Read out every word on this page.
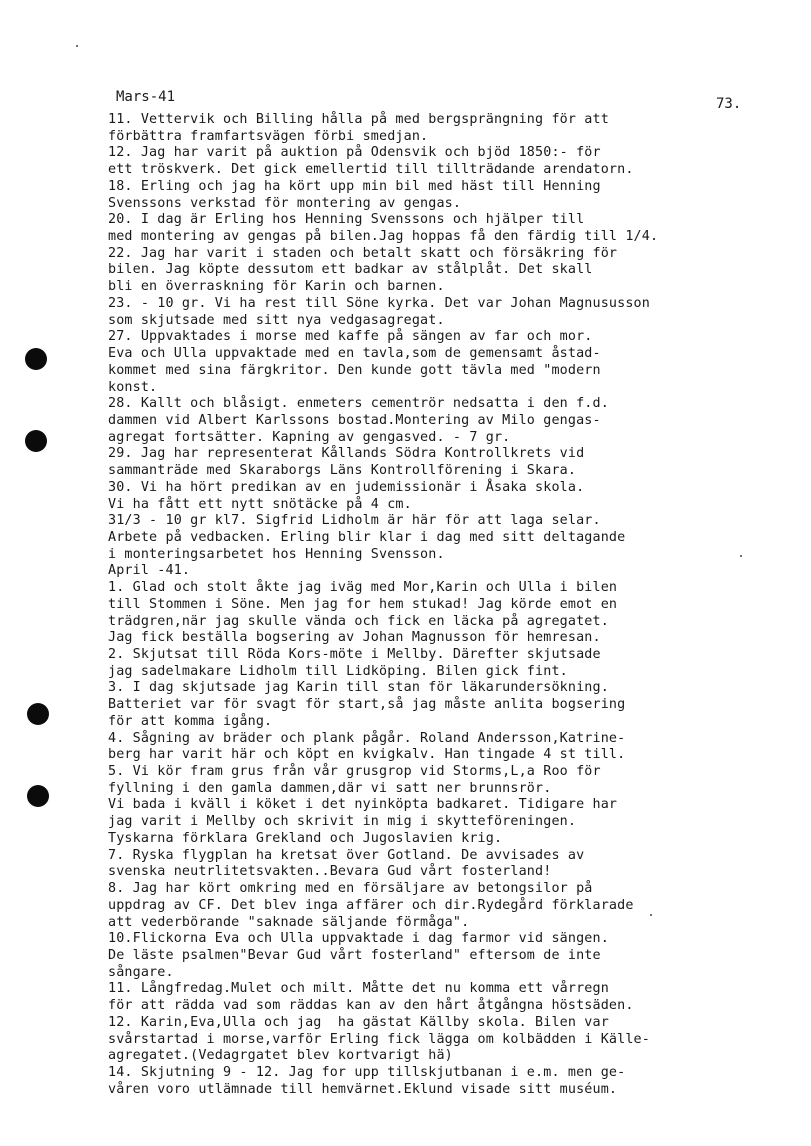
Mars-41	73.
11. Vettervik och Billing hålla på med bergsprängning för att
förbättra framfartsvägen förbi smedjan.
12. Jag har varit på auktion på Odensvik och bjöd 1850:- för
ett tröskverk. Det gick emellertid till tillträdande arendatorn.
18. Erling och jag ha kört upp min bil med häst till Henning
Svenssons verkstad för montering av gengas.
20. I dag är Erling hos Henning Svenssons och hjälper till
med montering av gengas på bilen.Jag hoppas få den färdig till 1/4.
22. Jag har varit i staden och betalt skatt och försäkring för
bilen. Jag köpte dessutom ett badkar av stålplåt. Det skall
bli en överraskning för Karin och barnen.
23. - 10 gr. Vi ha rest till Söne kyrka. Det var Johan Magnususson
som skjutsade med sitt nya vedgasagregat.
27. Uppvaktades i morse med kaffe på sängen av far och mor.
Eva och Ulla uppvaktade med en tavla,som de gemensamt åstad-
kommet med sina färgkritor. Den kunde gott tävla med "modern
konst.
28. Kallt och blåsigt. enmeters cementrör nedsatta i den f.d.
dammen vid Albert Karlssons bostad.Montering av Milo gengas-
agregat fortsätter. Kapning av gengasved. - 7 gr.
29. Jag har representerat Kållands Södra Kontrollkrets vid
sammanträde med Skaraborgs Läns Kontrollförening i Skara.
30. Vi ha hört predikan av en judemissionär i Åsaka skola.
Vi ha fått ett nytt snötäcke på 4 cm.
31/3 - 10 gr kl7. Sigfrid Lidholm är här för att laga selar.
Arbete på vedbacken. Erling blir klar i dag med sitt deltagande
i monteringsarbetet hos Henning Svensson.
April -41.
1. Glad och stolt åkte jag iväg med Mor,Karin och Ulla i bilen
till Stommen i Söne. Men jag for hem stukad! Jag körde emot en
trädgren,när jag skulle vända och fick en läcka på agregatet.
Jag fick beställa bogsering av Johan Magnusson för hemresan.
2. Skjutsat till Röda Kors-möte i Mellby. Därefter skjutsade
jag sadelmakare Lidholm till Lidköping. Bilen gick fint.
3. I dag skjutsade jag Karin till stan för läkarundersökning.
Batteriet var för svagt för start,så jag måste anlita bogsering
för att komma igång.
4. Sågning av bräder och plank pågår. Roland Andersson,Katrine-
berg har varit här och köpt en kvigkalv. Han tingade 4 st till.
5. Vi kör fram grus från vår grusgrop vid Storms,L,a Roo för
fyllning i den gamla dammen,där vi satt ner brunnsrör.
Vi bada i kväll i köket i det nyinköpta badkaret. Tidigare har
jag varit i Mellby och skrivit in mig i skytteföreningen.
Tyskarna förklara Grekland och Jugoslavien krig.
7. Ryska flygplan ha kretsat över Gotland. De avvisades av
svenska neutrlitetsvakten..Bevara Gud vårt fosterland!
8. Jag har kört omkring med en försäljare av betongsilor på
uppdrag av CF. Det blev inga affärer och dir.Rydegård förklarade
att vederbörande "saknade säljande förmåga".
10.Flickorna Eva och Ulla uppvaktade i dag farmor vid sängen.
De läste psalmen"Bevar Gud vårt fosterland" eftersom de inte
sångare.
11. Långfredag.Mulet och milt. Måtte det nu komma ett vårregn
för att rädda vad som räddas kan av den hårt åtgångna höstsäden.
12. Karin,Eva,Ulla och jag  ha gästat Källby skola. Bilen var
svårstartad i morse,varför Erling fick lägga om kolbädden i Källe-
agregatet.(Vedagrgatet blev kortvarigt hä)
14. Skjutning 9 - 12. Jag for upp tillskjutbanan i e.m. men ge-
våren voro utlämnade till hemvärnet.Eklund visade sitt muséum.
